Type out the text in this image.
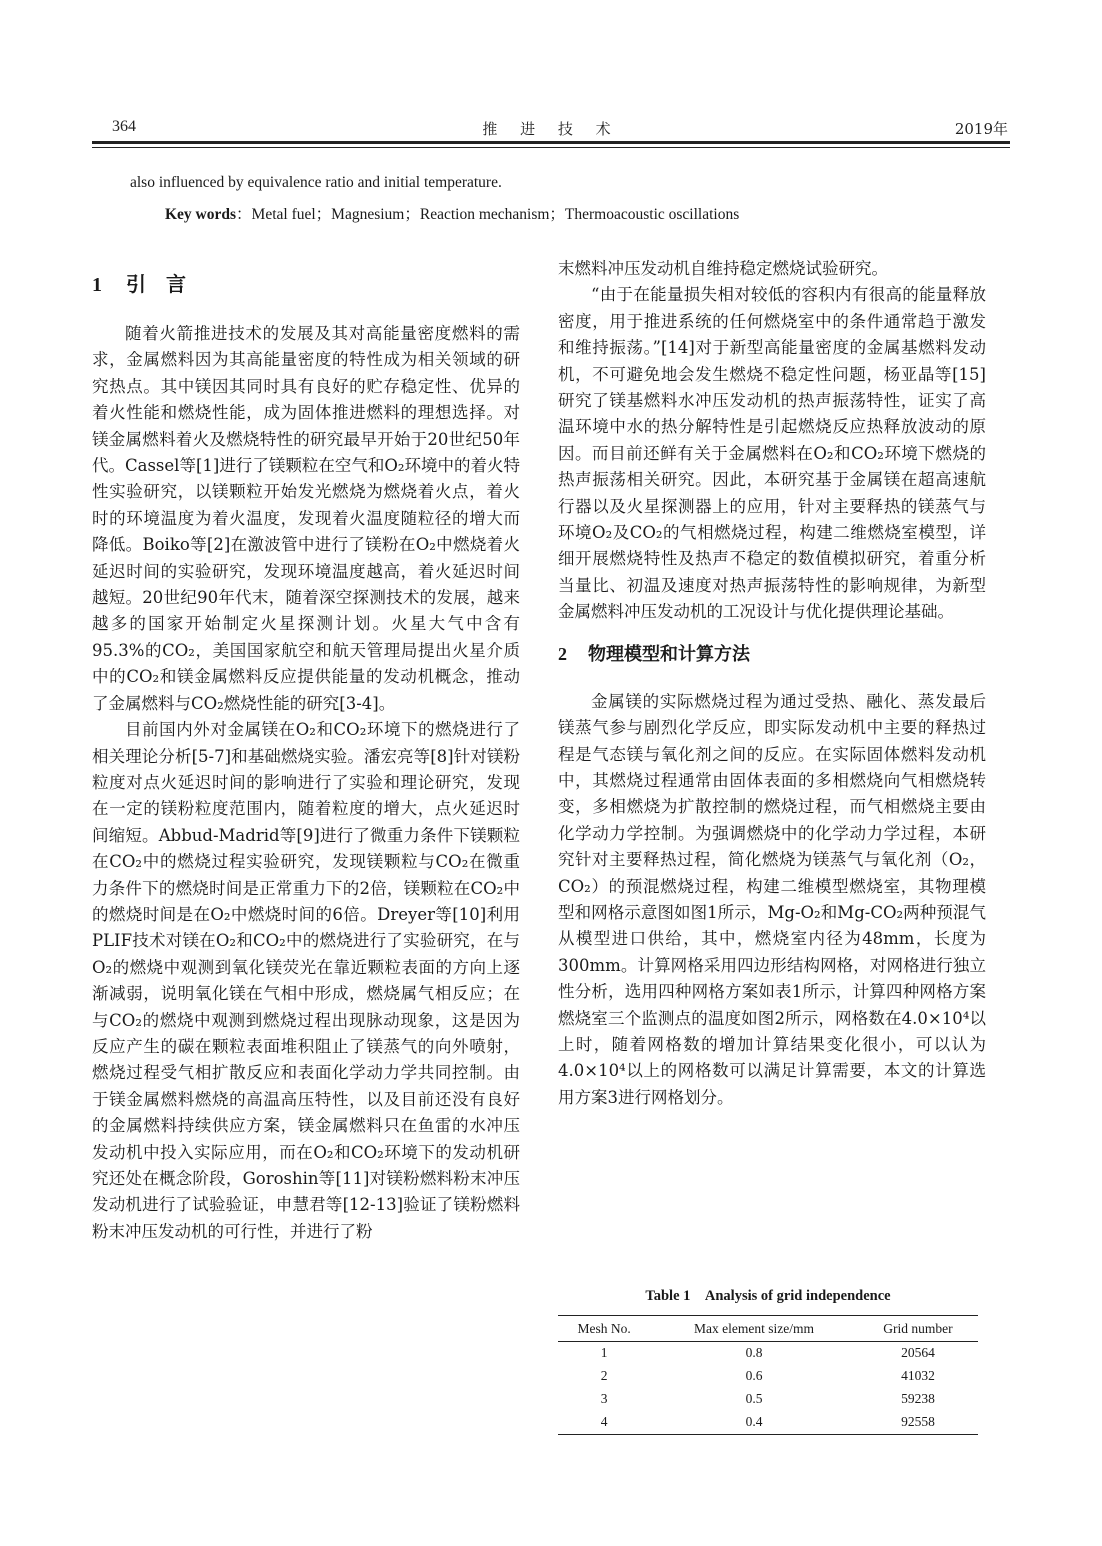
364	推 进 技 术	2019年
also influenced by equivalence ratio and initial temperature.
Key words：Metal fuel；Magnesium；Reaction mechanism；Thermoacoustic oscillations
1 引　言

随着火箭推进技术的发展及其对高能量密度燃料的需求，金属燃料因为其高能量密度的特性成为相关领域的研究热点。其中镁因其同时具有良好的贮存稳定性、优异的着火性能和燃烧性能，成为固体推进燃料的理想选择。对镁金属燃料着火及燃烧特性的研究最早开始于20世纪50年代。Cassel等[1]进行了镁颗粒在空气和O₂环境中的着火特性实验研究，以镁颗粒开始发光燃烧为燃烧着火点，着火时的环境温度为着火温度，发现着火温度随粒径的增大而降低。Boiko等[2]在激波管中进行了镁粉在O₂中燃烧着火延迟时间的实验研究，发现环境温度越高，着火延迟时间越短。20世纪90年代末，随着深空探测技术的发展，越来越多的国家开始制定火星探测计划。火星大气中含有95.3%的CO₂，美国国家航空和航天管理局提出火星介质中的CO₂和镁金属燃料反应提供能量的发动机概念，推动了金属燃料与CO₂燃烧性能的研究[3-4]。

目前国内外对金属镁在O₂和CO₂环境下的燃烧进行了相关理论分析[5-7]和基础燃烧实验。潘宏亮等[8]针对镁粉粒度对点火延迟时间的影响进行了实验和理论研究，发现在一定的镁粉粒度范围内，随着粒度的增大，点火延迟时间缩短。Abbud-Madrid等[9]进行了微重力条件下镁颗粒在CO₂中的燃烧过程实验研究，发现镁颗粒与CO₂在微重力条件下的燃烧时间是正常重力下的2倍，镁颗粒在CO₂中的燃烧时间是在O₂中燃烧时间的6倍。Dreyer等[10]利用PLIF技术对镁在O₂和CO₂中的燃烧进行了实验研究，在与O₂的燃烧中观测到氧化镁荧光在靠近颗粒表面的方向上逐渐减弱，说明氧化镁在气相中形成，燃烧属气相反应；在与CO₂的燃烧中观测到燃烧过程出现脉动现象，这是因为反应产生的碳在颗粒表面堆积阻止了镁蒸气的向外喷射，燃烧过程受气相扩散反应和表面化学动力学共同控制。由于镁金属燃料燃烧的高温高压特性，以及目前还没有良好的金属燃料持续供应方案，镁金属燃料只在鱼雷的水冲压发动机中投入实际应用，而在O₂和CO₂环境下的发动机研究还处在概念阶段，Goroshin等[11]对镁粉燃料粉末冲压发动机进行了试验验证，申慧君等[12-13]验证了镁粉燃料粉末冲压发动机的可行性，并进行了粉

末燃料冲压发动机自维持稳定燃烧试验研究。

“由于在能量损失相对较低的容积内有很高的能量释放密度，用于推进系统的任何燃烧室中的条件通常趋于激发和维持振荡。”[14]对于新型高能量密度的金属基燃料发动机，不可避免地会发生燃烧不稳定性问题，杨亚晶等[15]研究了镁基燃料水冲压发动机的热声振荡特性，证实了高温环境中水的热分解特性是引起燃烧反应热释放波动的原因。而目前还鲜有关于金属燃料在O₂和CO₂环境下燃烧的热声振荡相关研究。因此，本研究基于金属镁在超高速航行器以及火星探测器上的应用，针对主要释热的镁蒸气与环境O₂及CO₂的气相燃烧过程，构建二维燃烧室模型，详细开展燃烧特性及热声不稳定的数值模拟研究，着重分析当量比、初温及速度对热声振荡特性的影响规律，为新型金属燃料冲压发动机的工况设计与优化提供理论基础。

2 物理模型和计算方法

金属镁的实际燃烧过程为通过受热、融化、蒸发最后镁蒸气参与剧烈化学反应，即实际发动机中主要的释热过程是气态镁与氧化剂之间的反应。在实际固体燃料发动机中，其燃烧过程通常由固体表面的多相燃烧向气相燃烧转变，多相燃烧为扩散控制的燃烧过程，而气相燃烧主要由化学动力学控制。为强调燃烧中的化学动力学过程，本研究针对主要释热过程，简化燃烧为镁蒸气与氧化剂（O₂，CO₂）的预混燃烧过程，构建二维模型燃烧室，其物理模型和网格示意图如图1所示，Mg-O₂和Mg-CO₂两种预混气从模型进口供给，其中，燃烧室内径为48mm，长度为300mm。计算网格采用四边形结构网格，对网格进行独立性分析，选用四种网格方案如表1所示，计算四种网格方案燃烧室三个监测点的温度如图2所示，网格数在4.0×10⁴以上时，随着网格数的增加计算结果变化很小，可以认为4.0×10⁴以上的网格数可以满足计算需要，本文的计算选用方案3进行网格划分。

Table 1　Analysis of grid independence
Mesh No.	Max element size/mm	Grid number
1	0.8	20564
2	0.6	41032
3	0.5	59238
4	0.4	92558
